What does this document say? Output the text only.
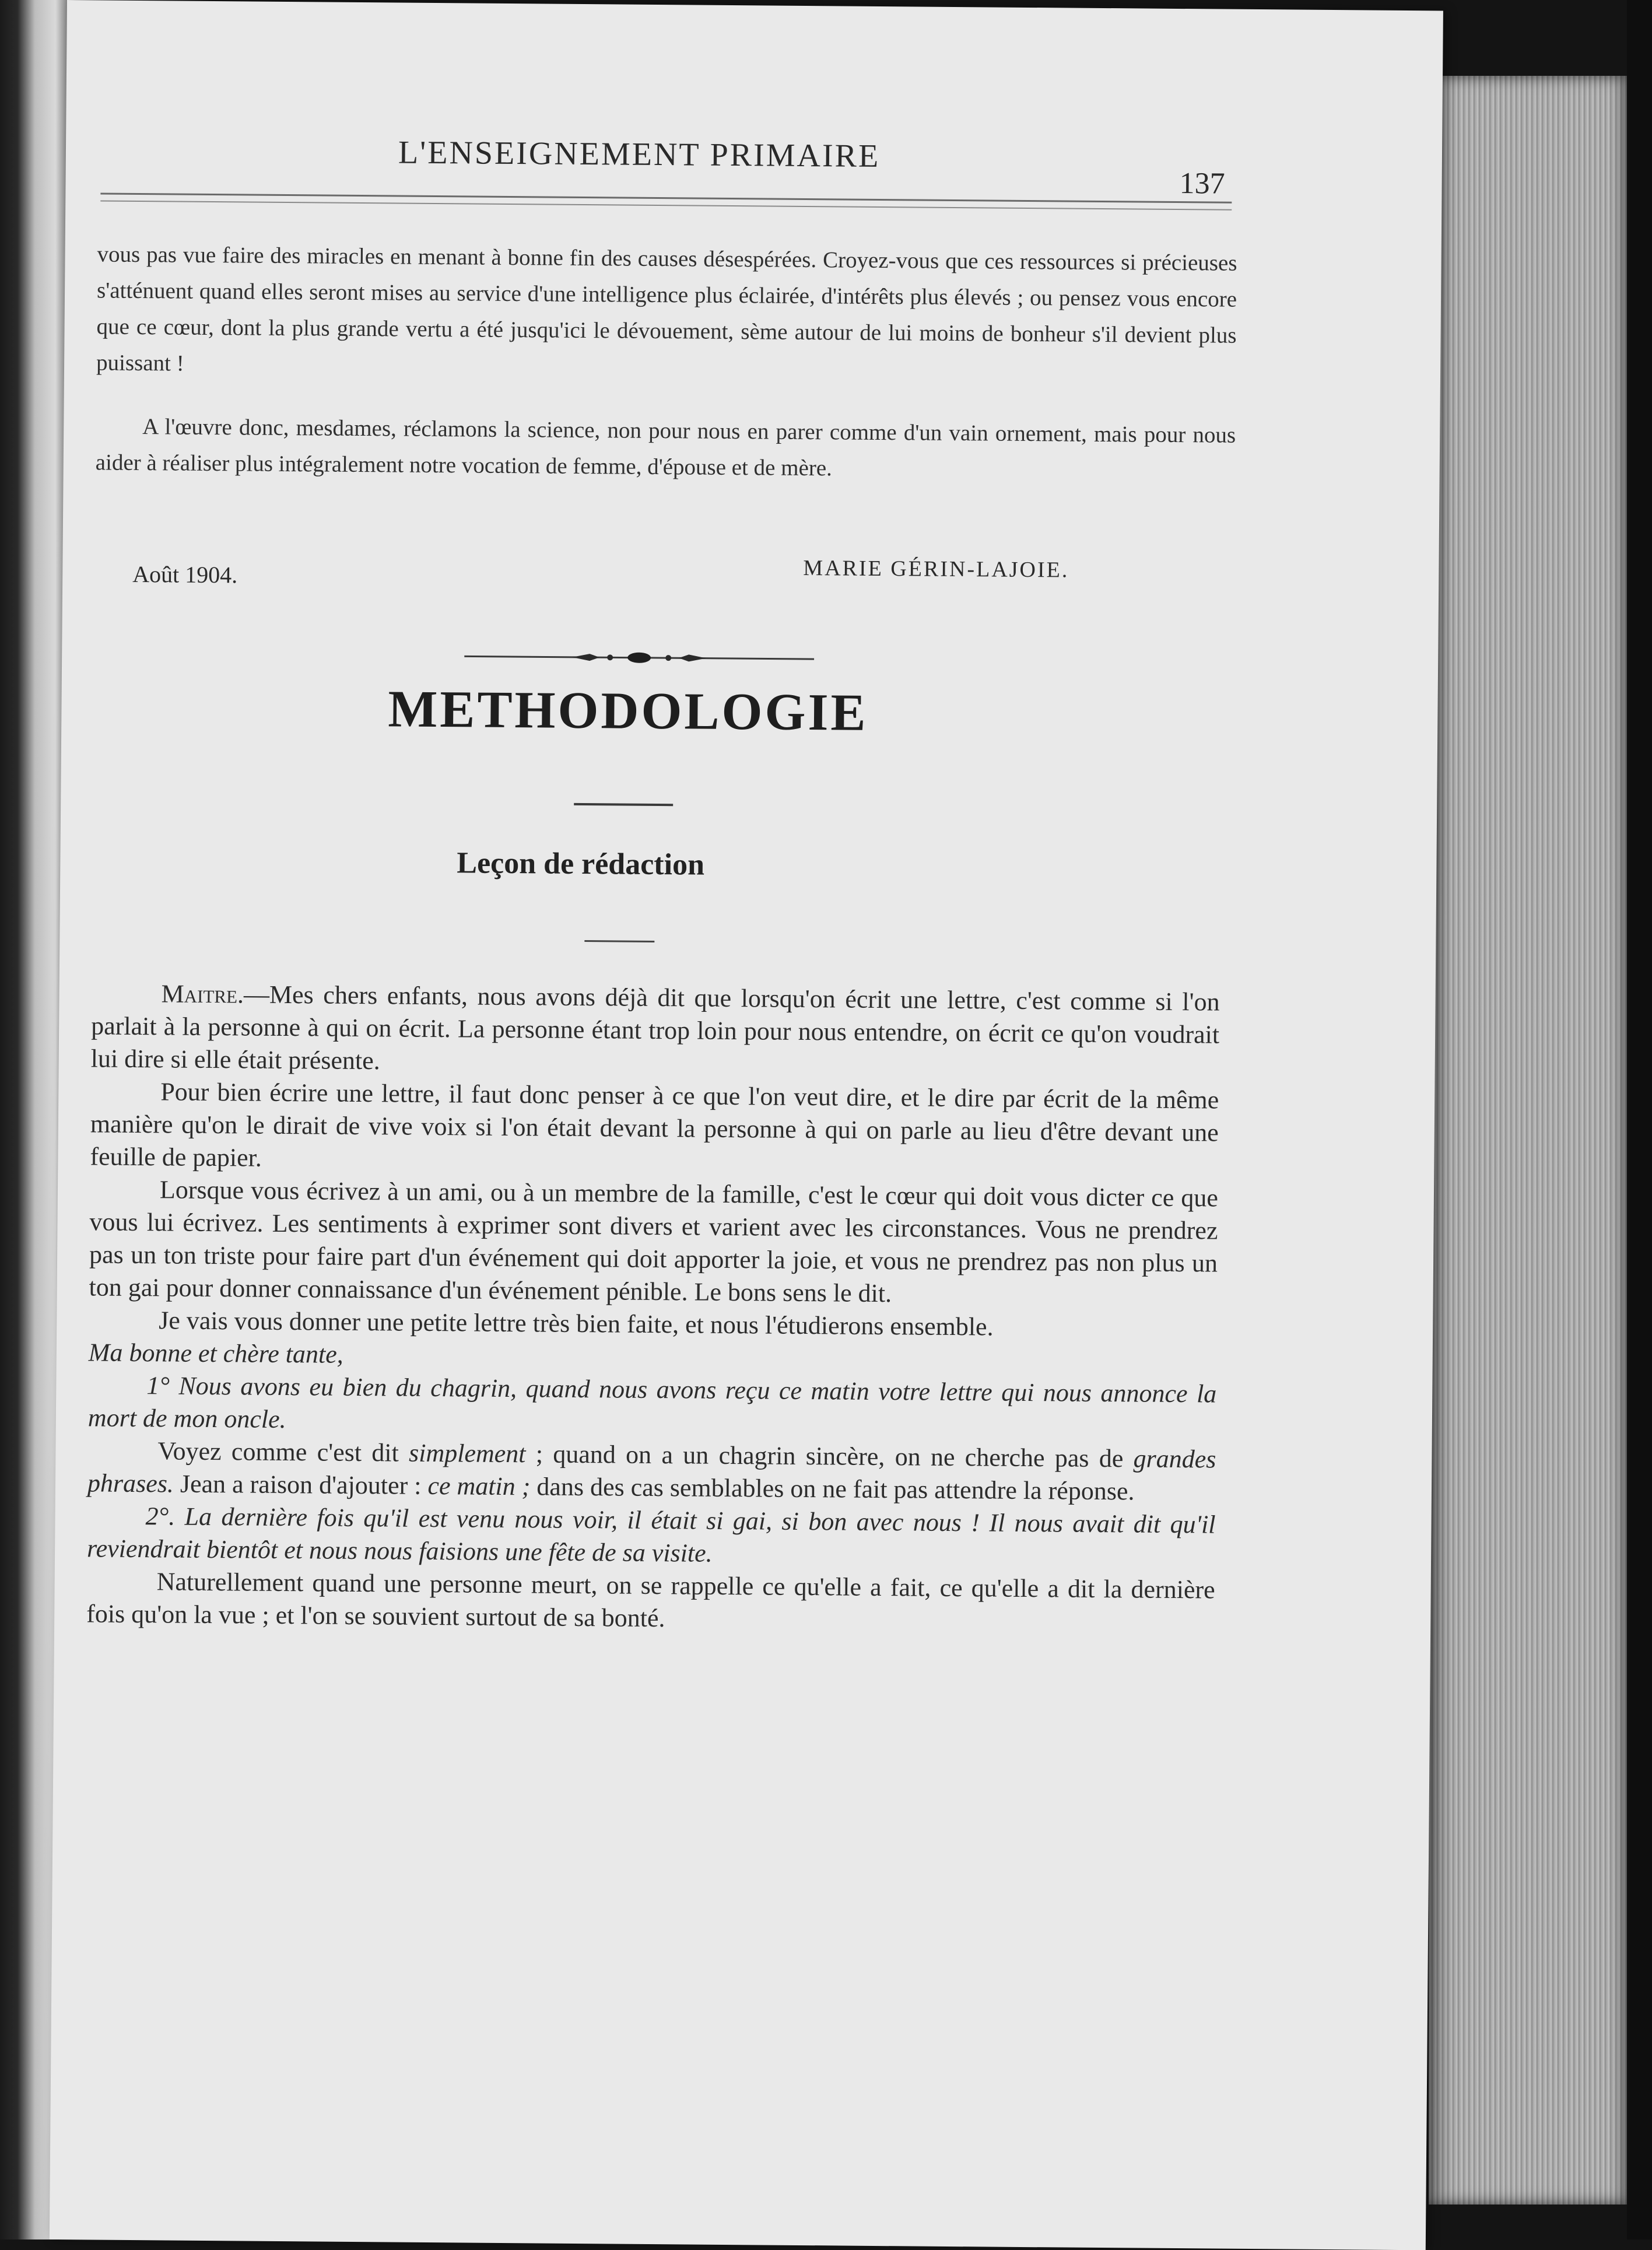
L'ENSEIGNEMENT PRIMAIRE
137

vous pas vue faire des miracles en menant à bonne fin des causes désespérées. Croyez-vous que ces ressources si précieuses s'atténuent quand elles seront mises au service d'une intelligence plus éclairée, d'intérêts plus élevés ; ou pensez vous encore que ce cœur, dont la plus grande vertu a été jusqu'ici le dévouement, sème autour de lui moins de bonheur s'il devient plus puissant !

A l'œuvre donc, mesdames, réclamons la science, non pour nous en parer comme d'un vain ornement, mais pour nous aider à réaliser plus intégralement notre vocation de femme, d'épouse et de mère.

Août 1904.	MARIE GÉRIN-LAJOIE.
METHODOLOGIE
Leçon de rédaction

Maitre.—Mes chers enfants, nous avons déjà dit que lorsqu'on écrit une lettre, c'est comme si l'on parlait à la personne à qui on écrit. La personne étant trop loin pour nous entendre, on écrit ce qu'on voudrait lui dire si elle était présente.

Pour bien écrire une lettre, il faut donc penser à ce que l'on veut dire, et le dire par écrit de la même manière qu'on le dirait de vive voix si l'on était devant la personne à qui on parle au lieu d'être devant une feuille de papier.

Lorsque vous écrivez à un ami, ou à un membre de la famille, c'est le cœur qui doit vous dicter ce que vous lui écrivez. Les sentiments à exprimer sont divers et varient avec les circonstances. Vous ne prendrez pas un ton triste pour faire part d'un événement qui doit apporter la joie, et vous ne prendrez pas non plus un ton gai pour donner connaissance d'un événement pénible. Le bons sens le dit.

Je vais vous donner une petite lettre très bien faite, et nous l'étudierons ensemble.

Ma bonne et chère tante,

1° Nous avons eu bien du chagrin, quand nous avons reçu ce matin votre lettre qui nous annonce la mort de mon oncle.

Voyez comme c'est dit simplement ; quand on a un chagrin sincère, on ne cherche pas de grandes phrases. Jean a raison d'ajouter : ce matin ; dans des cas semblables on ne fait pas attendre la réponse.

2°. La dernière fois qu'il est venu nous voir, il était si gai, si bon avec nous ! Il nous avait dit qu'il reviendrait bientôt et nous nous faisions une fête de sa visite.

Naturellement quand une personne meurt, on se rappelle ce qu'elle a fait, ce qu'elle a dit la dernière fois qu'on la vue ; et l'on se souvient surtout de sa bonté.
